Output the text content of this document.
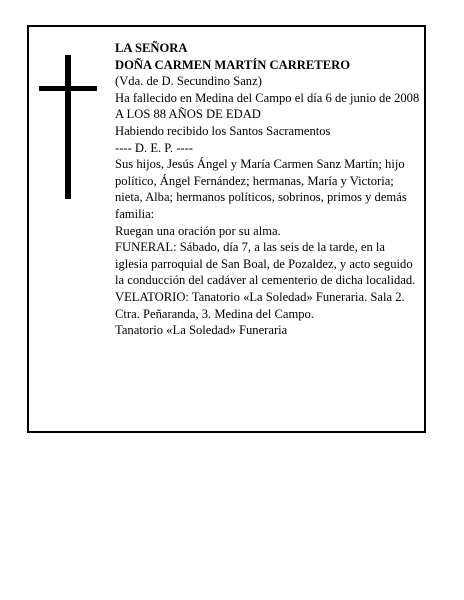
LA SEÑORA

DOÑA CARMEN MARTÍN CARRETERO

(Vda. de D. Secundino Sanz)

Ha fallecido en Medina del Campo el día 6 de junio de 2008

A LOS 88 AÑOS DE EDAD

Habiendo recibido los Santos Sacramentos

---- D. E. P. ----

Sus hijos, Jesús Ángel y María Carmen Sanz Martín; hijo político, Ángel Fernández; hermanas, María y Victoria; nieta, Alba; hermanos políticos, sobrinos, primos y demás familia:

Ruegan una oración por su alma.

FUNERAL: Sábado, día 7, a las seis de la tarde, en la iglesia parroquial de San Boal, de Pozaldez, y acto seguido la conducción del cadáver al cementerio de dicha localidad.

VELATORIO: Tanatorio «La Soledad» Funeraria. Sala 2. Ctra. Peñaranda, 3. Medina del Campo.

Tanatorio «La Soledad» Funeraria
